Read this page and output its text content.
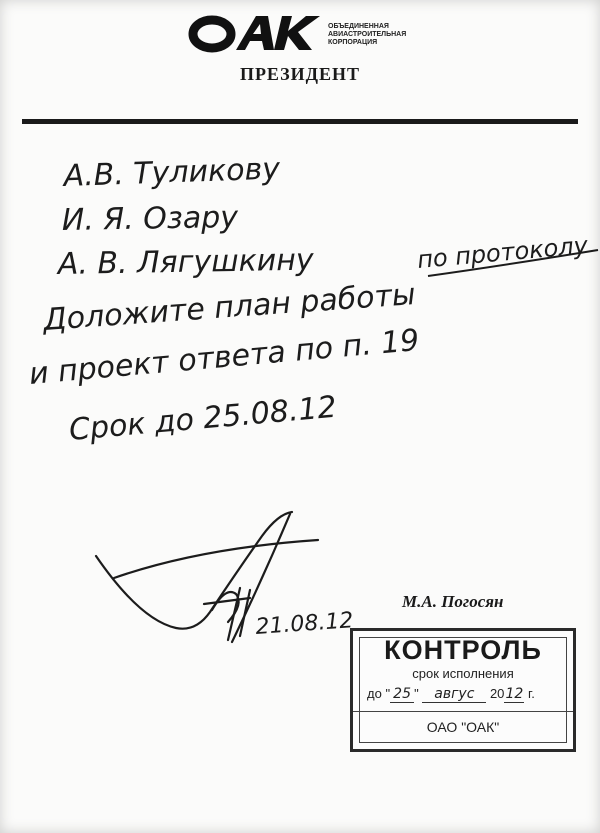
ОБЪЕДИНЕННАЯ
АВИАСТРОИТЕЛЬНАЯ
КОРПОРАЦИЯ
ПРЕЗИДЕНТ
А.В. Туликову
И. Я. Озару
А. В. Лягушкину	по протоколу
Доложите план работы
и проект ответа по п. 19
Срок до 25.08.12
21.08.12
М.А. Погосян
КОНТРОЛЬ
срок исполнения
до " 25 " авгус 2012 г.
ОАО "ОАК"
